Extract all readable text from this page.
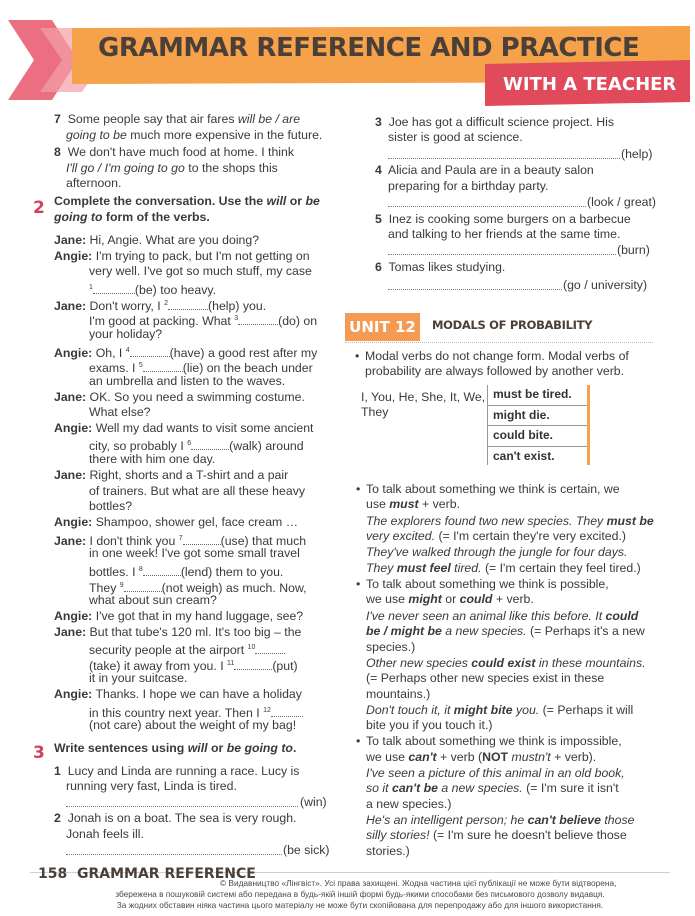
GRAMMAR REFERENCE AND PRACTICE
WITH A TEACHER
7 Some people say that air fares will be / are
going to be much more expensive in the future.
8 We don't have much food at home. I think
I'll go / I'm going to go to the shops this
afternoon.
2 Complete the conversation. Use the will or be
going to form of the verbs.
Jane: Hi, Angie. What are you doing?
Angie: I'm trying to pack, but I'm not getting on
very well. I've got so much stuff, my case
$^1$	(be) too heavy.
Jane: Don't worry, I $^2$	(help) you.
I'm good at packing. What $^3$	(do) on
your holiday?
Angie: Oh, I $^4$	(have) a good rest after my
exams. I $^5$	(lie) on the beach under
an umbrella and listen to the waves.
Jane: OK. So you need a swimming costume.
What else?
Angie: Well my dad wants to visit some ancient
city, so probably I $^6$	(walk) around
there with him one day.
Jane: Right, shorts and a T-shirt and a pair
of trainers. But what are all these heavy
bottles?
Angie: Shampoo, shower gel, face cream …
Jane: I don't think you $^7$	(use) that much
in one week! I've got some small travel
bottles. I $^8$	(lend) them to you.
They $^9$	(not weigh) as much. Now,
what about sun cream?
Angie: I've got that in my hand luggage, see?
Jane: But that tube's 120 ml. It's too big – the
security people at the airport $^{10}$
(take) it away from you. I $^{11}$	(put)
it in your suitcase.
Angie: Thanks. I hope we can have a holiday
in this country next year. Then I $^{12}$
(not care) about the weight of my bag!
3 Write sentences using will or be going to.
1 Lucy and Linda are running a race. Lucy is
running very fast, Linda is tired.
(win)
2 Jonah is on a boat. The sea is very rough.
Jonah feels ill.
(be sick)
3 Joe has got a difficult science project. His
sister is good at science.
(help)
4 Alicia and Paula are in a beauty salon
preparing for a birthday party.
(look / great)
5 Inez is cooking some burgers on a barbecue
and talking to her friends at the same time.
(burn)
6 Tomas likes studying.
(go / university)
UNIT 12	MODALS OF PROBABILITY
• Modal verbs do not change form. Modal verbs of
probability are always followed by another verb.
I, You, He, She, It, We,
They
must be tired.
might die.
could bite.
can't exist.
• To talk about something we think is certain, we
use must + verb.
The explorers found two new species. They must be
very excited. (= I'm certain they're very excited.)
They've walked through the jungle for four days.
They must feel tired. (= I'm certain they feel tired.)
• To talk about something we think is possible,
we use might or could + verb.
I've never seen an animal like this before. It could
be / might be a new species. (= Perhaps it's a new
species.)
Other new species could exist in these mountains.
(= Perhaps other new species exist in these
mountains.)
Don't touch it, it might bite you. (= Perhaps it will
bite you if you touch it.)
• To talk about something we think is impossible,
we use can't + verb (NOT mustn't + verb).
I've seen a picture of this animal in an old book,
so it can't be a new species. (= I'm sure it isn't
a new species.)
He's an intelligent person; he can't believe those
silly stories! (= I'm sure he doesn't believe those
stories.)
158 GRAMMAR REFERENCE
© Видавництво «Лінгвіст». Усі права захищені. Жодна частина цієї публікації не може бути відтворена,
збережена в пошуковій системі або передана в будь-якій іншій формі будь-якими способами без письмового дозволу видавця.
За жодних обставин ніяка частина цього матеріалу не може бути скопійована для перепродажу або для іншого використання.
